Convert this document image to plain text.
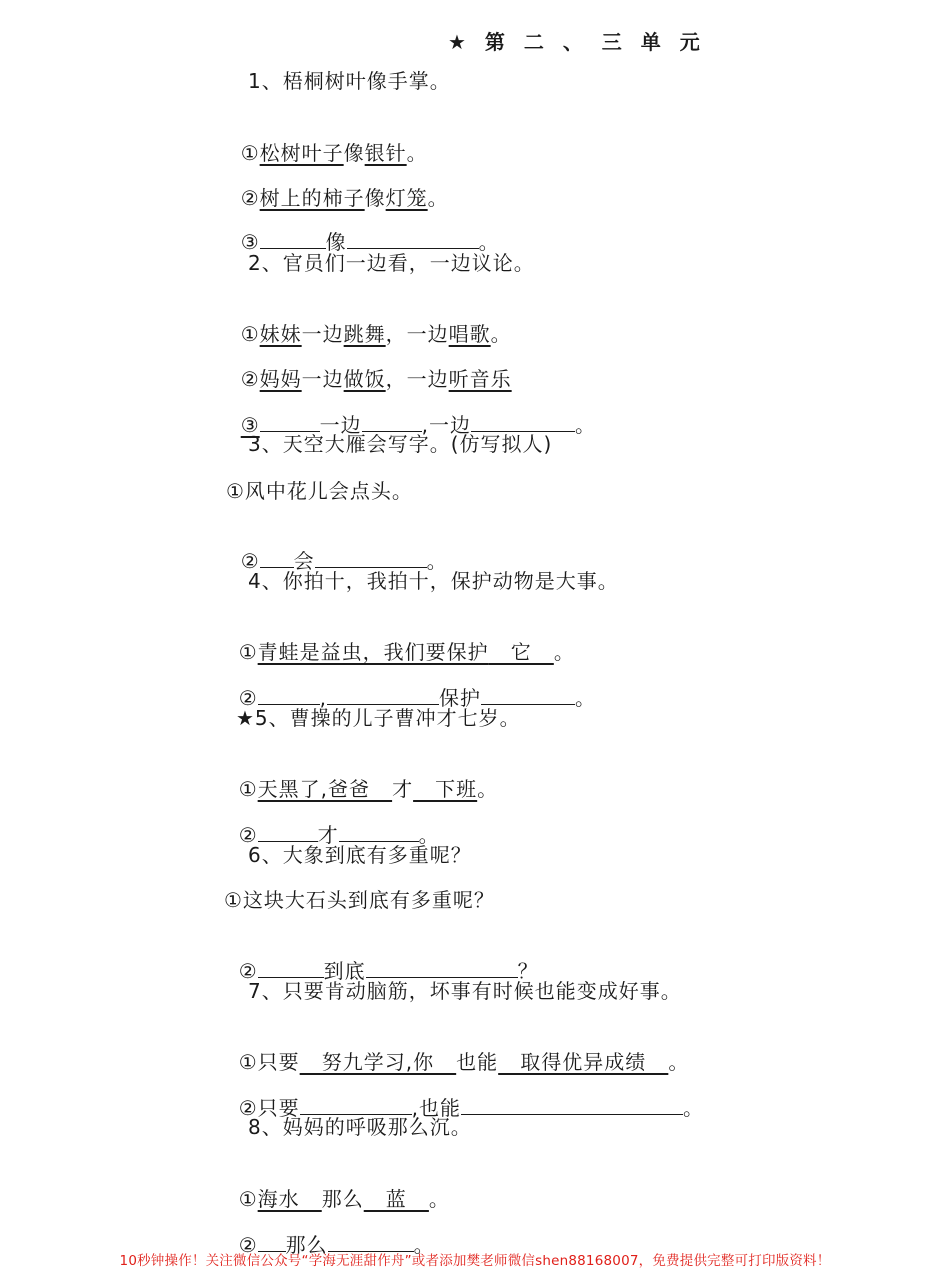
★ 第 二 、 三 单 元
1、梧桐树叶像手掌。

①松树叶子像银针。

②树上的柿子像灯笼。

③	像	。

2、官员们一边看，一边议论。

①妹妹一边跳舞，一边唱歌。

②妈妈一边做饭，一边听音乐

③	一边	,一边	。

3、天空大雁会写字。(仿写拟人)
①风中花儿会点头。

② 会	。

4、你拍十，我拍十，保护动物是大事。

①青蛙是益虫，我们要保护   它   。

②	,	保护	。

★5、曹操的儿子曹冲才七岁。

①天黑了,爸爸   才   下班。

②	才	。

6、大象到底有多重呢？
①这块大石头到底有多重呢？

②	到底	？

7、只要肯动脑筋，坏事有时候也能变成好事。

①只要   努九学习,你   也能   取得优异成绩   。

②只要	,也能	。

8、妈妈的呼吸那么沉。

①海水   那么   蓝   。

② 那么	。

10秒钟操作！关注微信公众号“学海无涯甜作舟”或者添加樊老师微信shen88168007，免费提供完整可打印版资料！
